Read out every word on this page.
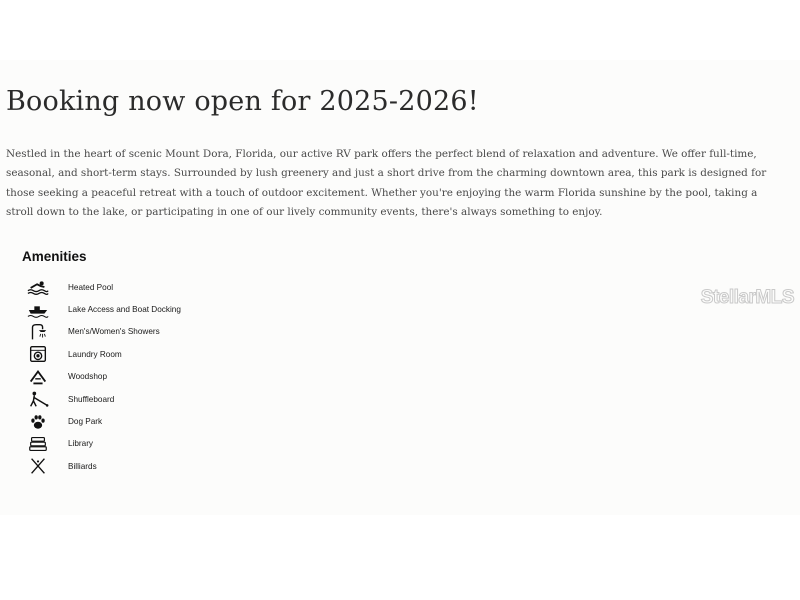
Booking now open for 2025-2026!

Nestled in the heart of scenic Mount Dora, Florida, our active RV park offers the perfect blend of relaxation and adventure. We offer full-time, seasonal, and short-term stays. Surrounded by lush greenery and just a short drive from the charming downtown area, this park is designed for those seeking a peaceful retreat with a touch of outdoor excitement. Whether you're enjoying the warm Florida sunshine by the pool, taking a stroll down to the lake, or participating in one of our lively community events, there's always something to enjoy.

Amenities
Heated Pool
Lake Access and Boat Docking
Men's/Women's Showers
Laundry Room
Woodshop
Shuffleboard
Dog Park
Library
Billiards
StellarMLS
